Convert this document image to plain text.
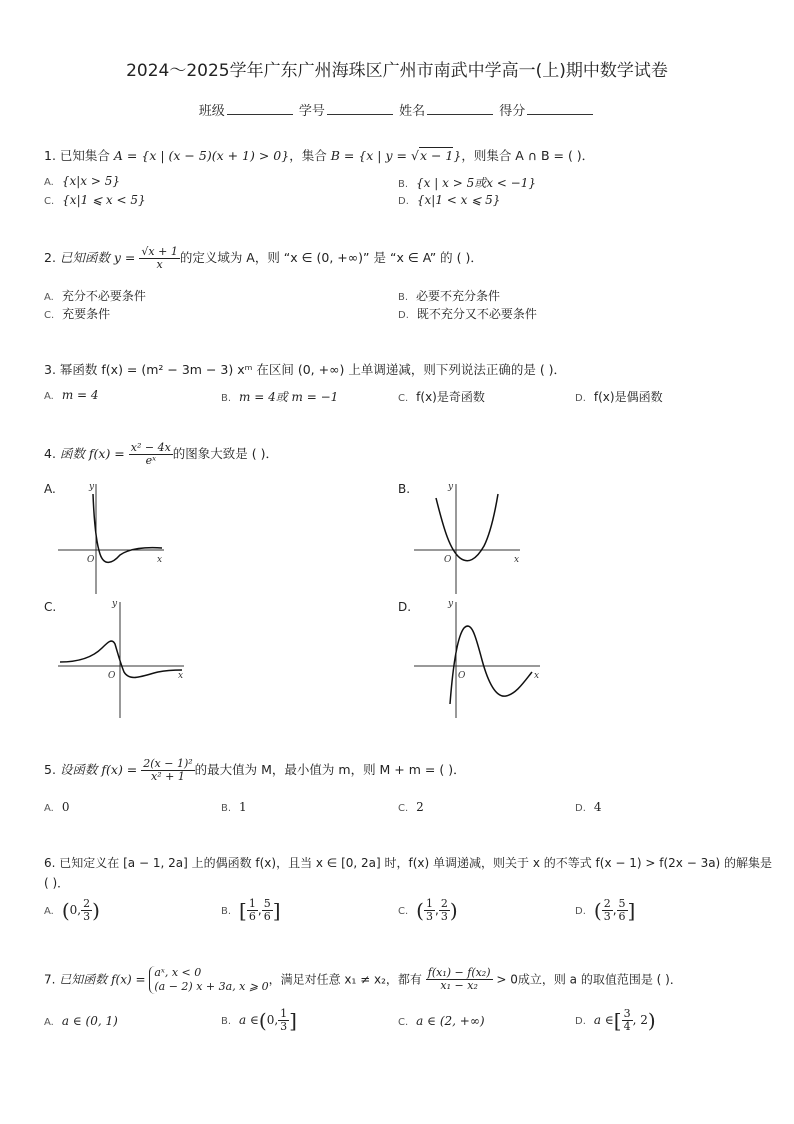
2024～2025学年广东广州海珠区广州市南武中学高一(上)期中数学试卷
班级	学号	姓名	得分
1. 已知集合 A = {x | (x − 5)(x + 1) > 0}，集合 B = {x | y = √x − 1}，则集合 A ∩ B = ( )．
A. {x|x > 5}	B. {x | x > 5或x < −1}
C. {x|1 ⩽ x < 5}	D. {x|1 < x ⩽ 5}
2. 已知函数 $y = \frac{√x + 1}{x}$ 的定义域为 A，则 “x ∈ (0, +∞)” 是 “x ∈ A” 的 ( )．
A. 充分不必要条件	B. 必要不充分条件
C. 充要条件	D. 既不充分又不必要条件
3. 幂函数 f(x) = (m² − 3m − 3) xᵐ 在区间 (0, +∞) 上单调递减，则下列说法正确的是 ( )．
A. m = 4	B. m = 4或 m = −1	C. f(x)是奇函数	D. f(x)是偶函数
4. 函数 $f(x) = \frac{\text{x² − 4x}}{\text{eˣ}}$ 的图象大致是 ( )．
A.	B.
C.	D.
x
y
O	x
y
O
x
y
O	x
y
O
5. 设函数 $f(x) = \frac{\text{2(x − 1)²}}{\text{x² + 1}}$ 的最大值为 M，最小值为 m，则 M + m = ( )．
A. 0	B. 1	C. 2	D. 4
6. 已知定义在 [a − 1, 2a] 上的偶函数 f(x)，且当 x ∈ [0, 2a] 时，f(x) 单调递减，则关于 x 的不等式 f(x − 1) > f(2x − 3a) 的解集是
( )．
A. (0, $\frac{2}{3}$ )	B. [ $\frac{1}{6}$ , $\frac{5}{6}$ ]	C. ( $\frac{1}{3}$ , $\frac{2}{3}$ )	D. ( $\frac{2}{3}$ , $\frac{5}{6}$ ]
7. 已知函数 f(x) = aˣ, x < 0
(a − 2) x + 3a, x ⩾ 0 ，满足对任意 x₁ ≠ x₂，都有 $\frac{\text{f(x₁) − f(x₂)}}{\text{x₁ − x₂}} > 0$成立，则 a 的取值范围是 ( )．
A. a ∈ (0, 1)	B. a ∈(0, $\frac{1}{3}$ ]	C. a ∈ (2, +∞)	D. a ∈[ $\frac{3}{4}$ , 2)
